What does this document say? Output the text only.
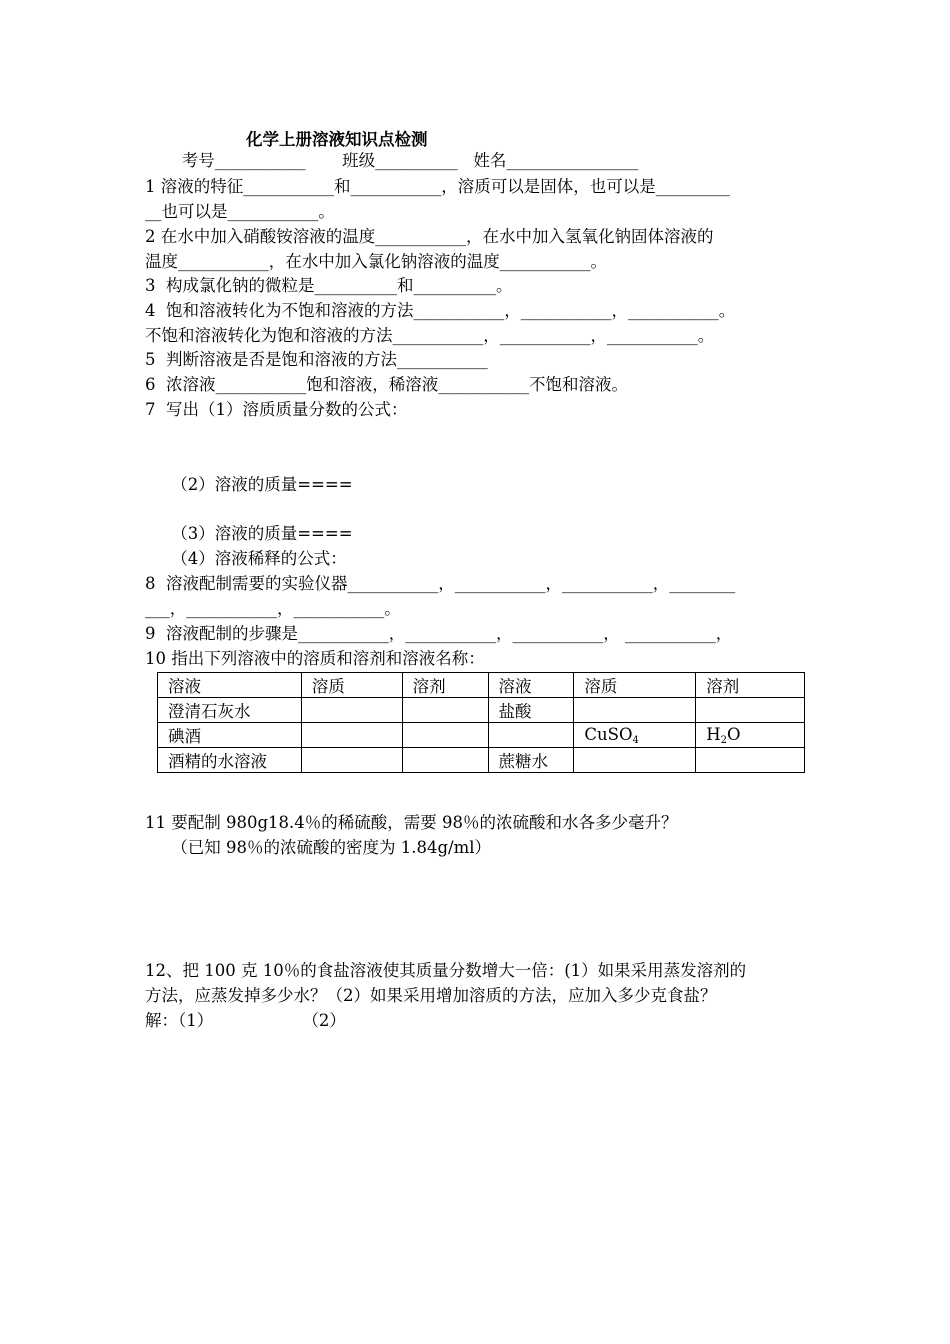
化学上册溶液知识点检测
考号___________       班级__________   姓名________________
1 溶液的特征___________和___________，溶质可以是固体，也可以是_________
__也可以是___________。
2 在水中加入硝酸铵溶液的温度___________，在水中加入氢氧化钠固体溶液的
温度___________，在水中加入氯化钠溶液的温度___________。
3  构成氯化钠的微粒是__________和__________。
4  饱和溶液转化为不饱和溶液的方法___________，___________，___________。
不饱和溶液转化为饱和溶液的方法___________，___________，___________。
5  判断溶液是否是饱和溶液的方法___________
6  浓溶液___________饱和溶液，稀溶液___________不饱和溶液。
7  写出（1）溶质质量分数的公式：
（2）溶液的质量====
（3）溶液的质量====
（4）溶液稀释的公式：
8  溶液配制需要的实验仪器___________，___________，___________，________
___，___________，___________。
9  溶液配制的步骤是___________，___________，___________， ___________，
10 指出下列溶液中的溶质和溶剂和溶液名称：
溶液	溶质	溶剂	溶液	溶质	溶剂
澄清石灰水			盐酸		
碘酒				CuSO$_4$	$H_2O$
酒精的水溶液			蔗糖水		
11 要配制 980g18.4％的稀硫酸，需要 98％的浓硫酸和水各多少毫升？
（已知 98％的浓硫酸的密度为 1.84g/ml）
12、把 100 克 10％的食盐溶液使其质量分数增大一倍：(1）如果采用蒸发溶剂的
方法，应蒸发掉多少水？（2）如果采用增加溶质的方法，应加入多少克食盐？
解：（1）                 （2）
